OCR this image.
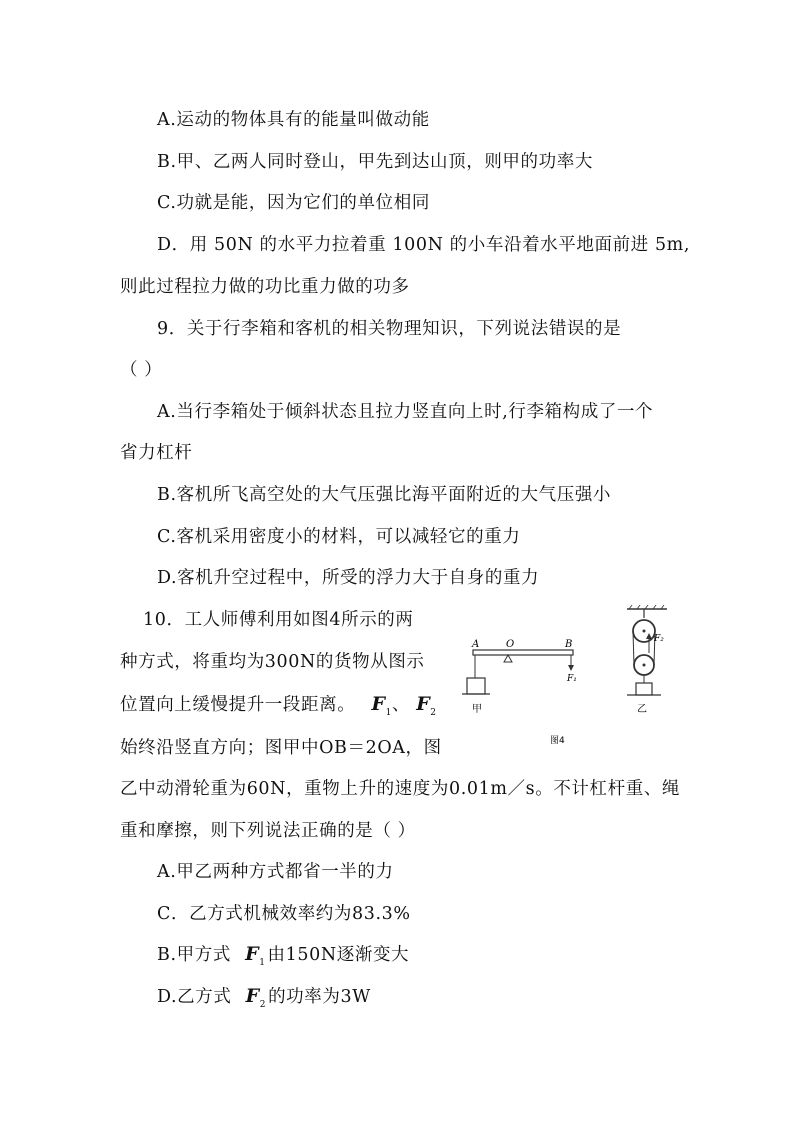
A.运动的物体具有的能量叫做动能
B.甲、乙两人同时登山，甲先到达山顶，则甲的功率大
C.功就是能，因为它们的单位相同
D．用 50N 的水平力拉着重 100N 的小车沿着水平地面前进 5m,
则此过程拉力做的功比重力做的功多
9．关于行李箱和客机的相关物理知识，下列说法错误的是
（ ）
A.当行李箱处于倾斜状态且拉力竖直向上时,行李箱构成了一个
省力杠杆
B.客机所飞高空处的大气压强比海平面附近的大气压强小
C.客机采用密度小的材料，可以减轻它的重力
D.客机升空过程中，所受的浮力大于自身的重力
10．工人师傅利用如图4所示的两
种方式，将重均为300N的货物从图示
位置向上缓慢提升一段距离。 $F_1$、 $F_2$
始终沿竖直方向；图甲中OB＝2OA，图
乙中动滑轮重为60N，重物上升的速度为0.01m／s。不计杠杆重、绳
重和摩擦，则下列说法正确的是（ ）
A.甲乙两种方式都省一半的力
C．乙方式机械效率约为83.3%
B.甲方式 $F_1$ 由150N逐渐变大
D.乙方式 $F_2$ 的功率为3W
A	O	B
F₁
甲
F₂
乙
图4
